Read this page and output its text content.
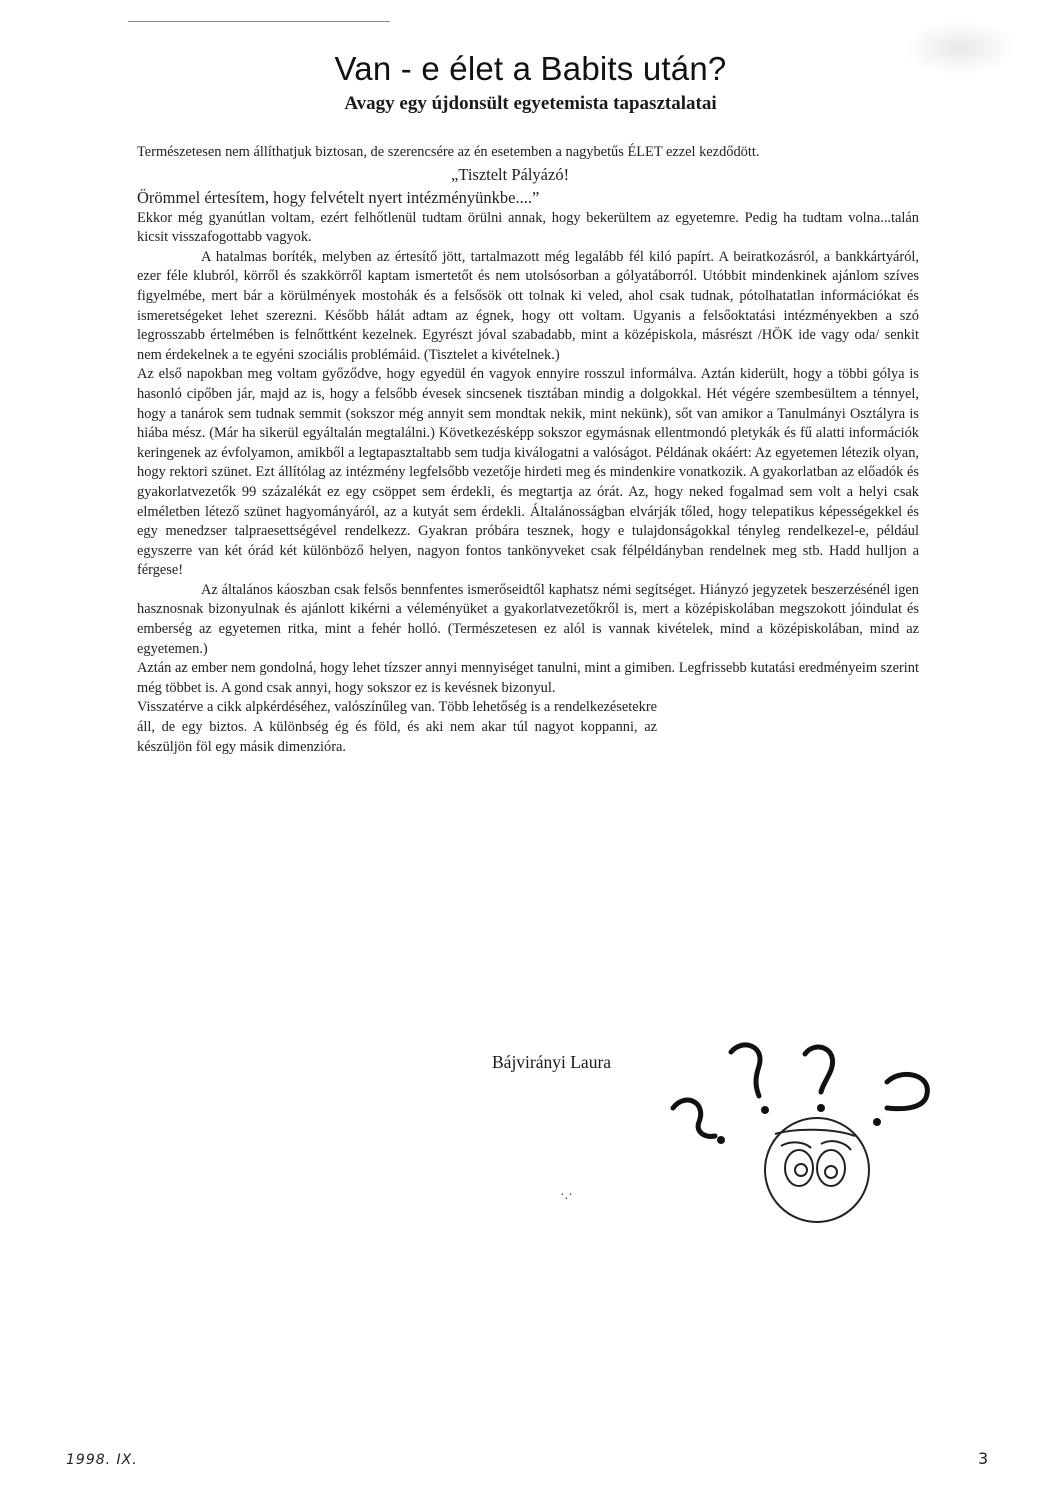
Van - e élet a Babits után?
Avagy egy újdonsült egyetemista tapasztalatai

Természetesen nem állíthatjuk biztosan, de szerencsére az én esetemben a nagybetűs ÉLET ezzel kezdődött.

„Tisztelt Pályázó!

Örömmel értesítem, hogy felvételt nyert intézményünkbe....”

Ekkor még gyanútlan voltam, ezért felhőtlenül tudtam örülni annak, hogy bekerültem az egyetemre. Pedig ha tudtam volna...talán kicsit visszafogottabb vagyok.

A hatalmas boríték, melyben az értesítő jött, tartalmazott még legalább fél kiló papírt. A beiratkozásról, a bankkártyáról, ezer féle klubról, körről és szakkörről kaptam ismertetőt és nem utolsósorban a gólyatáborról. Utóbbit mindenkinek ajánlom szíves figyelmébe, mert bár a körülmények mostohák és a felsősök ott tolnak ki veled, ahol csak tudnak, pótolhatatlan információkat és ismeretségeket lehet szerezni. Később hálát adtam az égnek, hogy ott voltam. Ugyanis a felsőoktatási intézményekben a szó legrosszabb értelmében is felnőttként kezelnek. Egyrészt jóval szabadabb, mint a középiskola, másrészt /HÖK ide vagy oda/ senkit nem érdekelnek a te egyéni szociális problémáid. (Tisztelet a kivételnek.)

Az első napokban meg voltam győződve, hogy egyedül én vagyok ennyire rosszul informálva. Aztán kiderült, hogy a többi gólya is hasonló cipőben jár, majd az is, hogy a felsőbb évesek sincsenek tisztában mindig a dolgokkal. Hét végére szembesültem a ténnyel, hogy a tanárok sem tudnak semmit (sokszor még annyit sem mondtak nekik, mint nekünk), sőt van amikor a Tanulmányi Osztályra is hiába mész. (Már ha sikerül egyáltalán megtalálni.) Következésképp sokszor egymásnak ellentmondó pletykák és fű alatti információk keringenek az évfolyamon, amikből a legtapasztaltabb sem tudja kiválogatni a valóságot. Példának okáért: Az egyetemen létezik olyan, hogy rektori szünet. Ezt állítólag az intézmény legfelsőbb vezetője hirdeti meg és mindenkire vonatkozik. A gyakorlatban az előadók és gyakorlatvezetők 99 százalékát ez egy csöppet sem érdekli, és megtartja az órát. Az, hogy neked fogalmad sem volt a helyi csak elméletben létező szünet hagyományáról, az a kutyát sem érdekli. Általánosságban elvárják tőled, hogy telepatikus képességekkel és egy menedzser talpraesettségével rendelkezz. Gyakran próbára tesznek, hogy e tulajdonságokkal tényleg rendelkezel-e, például egyszerre van két órád két különböző helyen, nagyon fontos tankönyveket csak félpéldányban rendelnek meg stb. Hadd hulljon a férgese!

Az általános káoszban csak felsős bennfentes ismerőseidtől kaphatsz némi segítséget. Hiányzó jegyzetek beszerzésénél igen hasznosnak bizonyulnak és ajánlott kikérni a véleményüket a gyakorlatvezetőkről is, mert a középiskolában megszokott jóindulat és emberség az egyetemen ritka, mint a fehér holló. (Természetesen ez alól is vannak kivételek, mind a középiskolában, mind az egyetemen.)

Aztán az ember nem gondolná, hogy lehet tízszer annyi mennyiséget tanulni, mint a gimiben. Legfrissebb kutatási eredményeim szerint még többet is. A gond csak annyi, hogy sokszor ez is kevésnek bizonyul.

Visszatérve a cikk alpkérdéséhez, valószínűleg van. Több lehetőség is a rendelkezésetekre áll, de egy biztos. A különbség ég és föld, és aki nem akar túl nagyot koppanni, az készüljön föl egy másik dimenzióra.

Bájvirányi Laura

?
·.·
1998. IX.	3
